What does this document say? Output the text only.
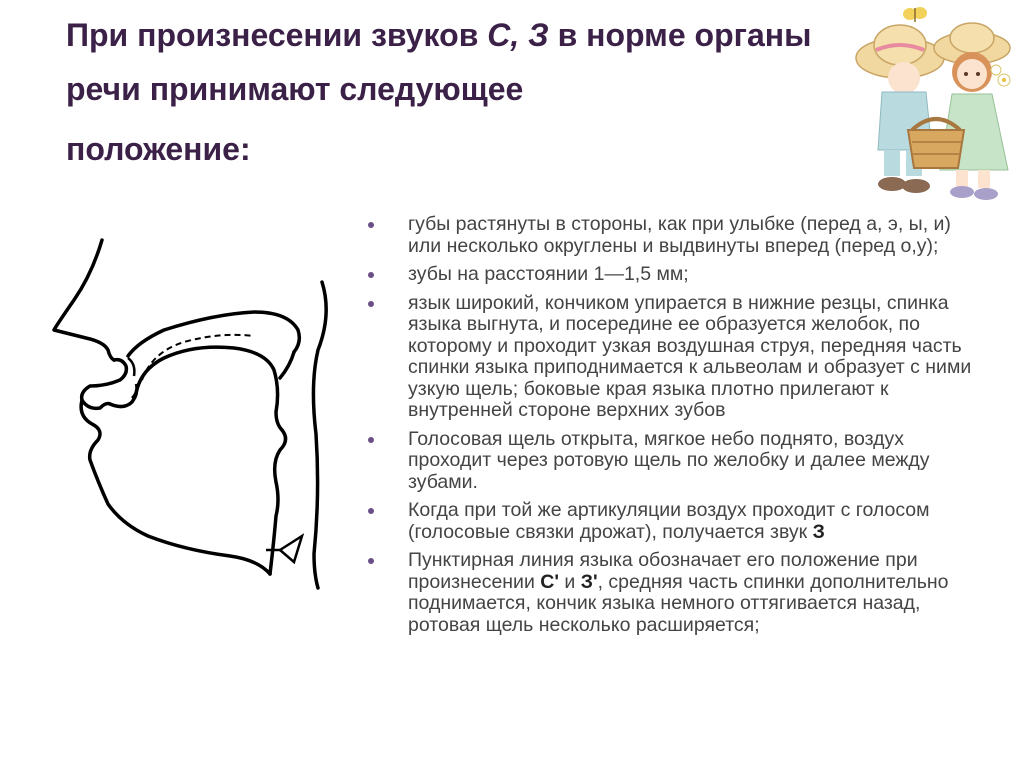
При произнесении звуков С, З в норме органы речи принимают следующее
положение:
губы растянуты в стороны, как при улыбке (перед а, э, ы, и) или несколько округлены и выдвинуты вперед (перед о,у);
зубы на расстоянии 1—1,5 мм;
язык широкий, кончиком упирается в нижние резцы, спинка языка выгнута, и посередине ее образуется желобок, по которому и проходит узкая воздушная струя, передняя часть спинки языка приподнимается к альвеолам и образует с ними узкую щель; боковые края языка плотно прилегают к внутренней стороне верхних зубов
Голосовая щель открыта, мягкое небо поднято, воздух проходит через ротовую щель по желобку и далее между зубами.
Когда при той же артикуляции воздух проходит с голосом (голосовые связки дрожат), получается звук З
Пунктирная линия языка обозначает его положение при произнесении С' и З', средняя часть спинки дополнительно поднимается, кончик языка немного оттягивается назад, ротовая щель несколько расширяется;
